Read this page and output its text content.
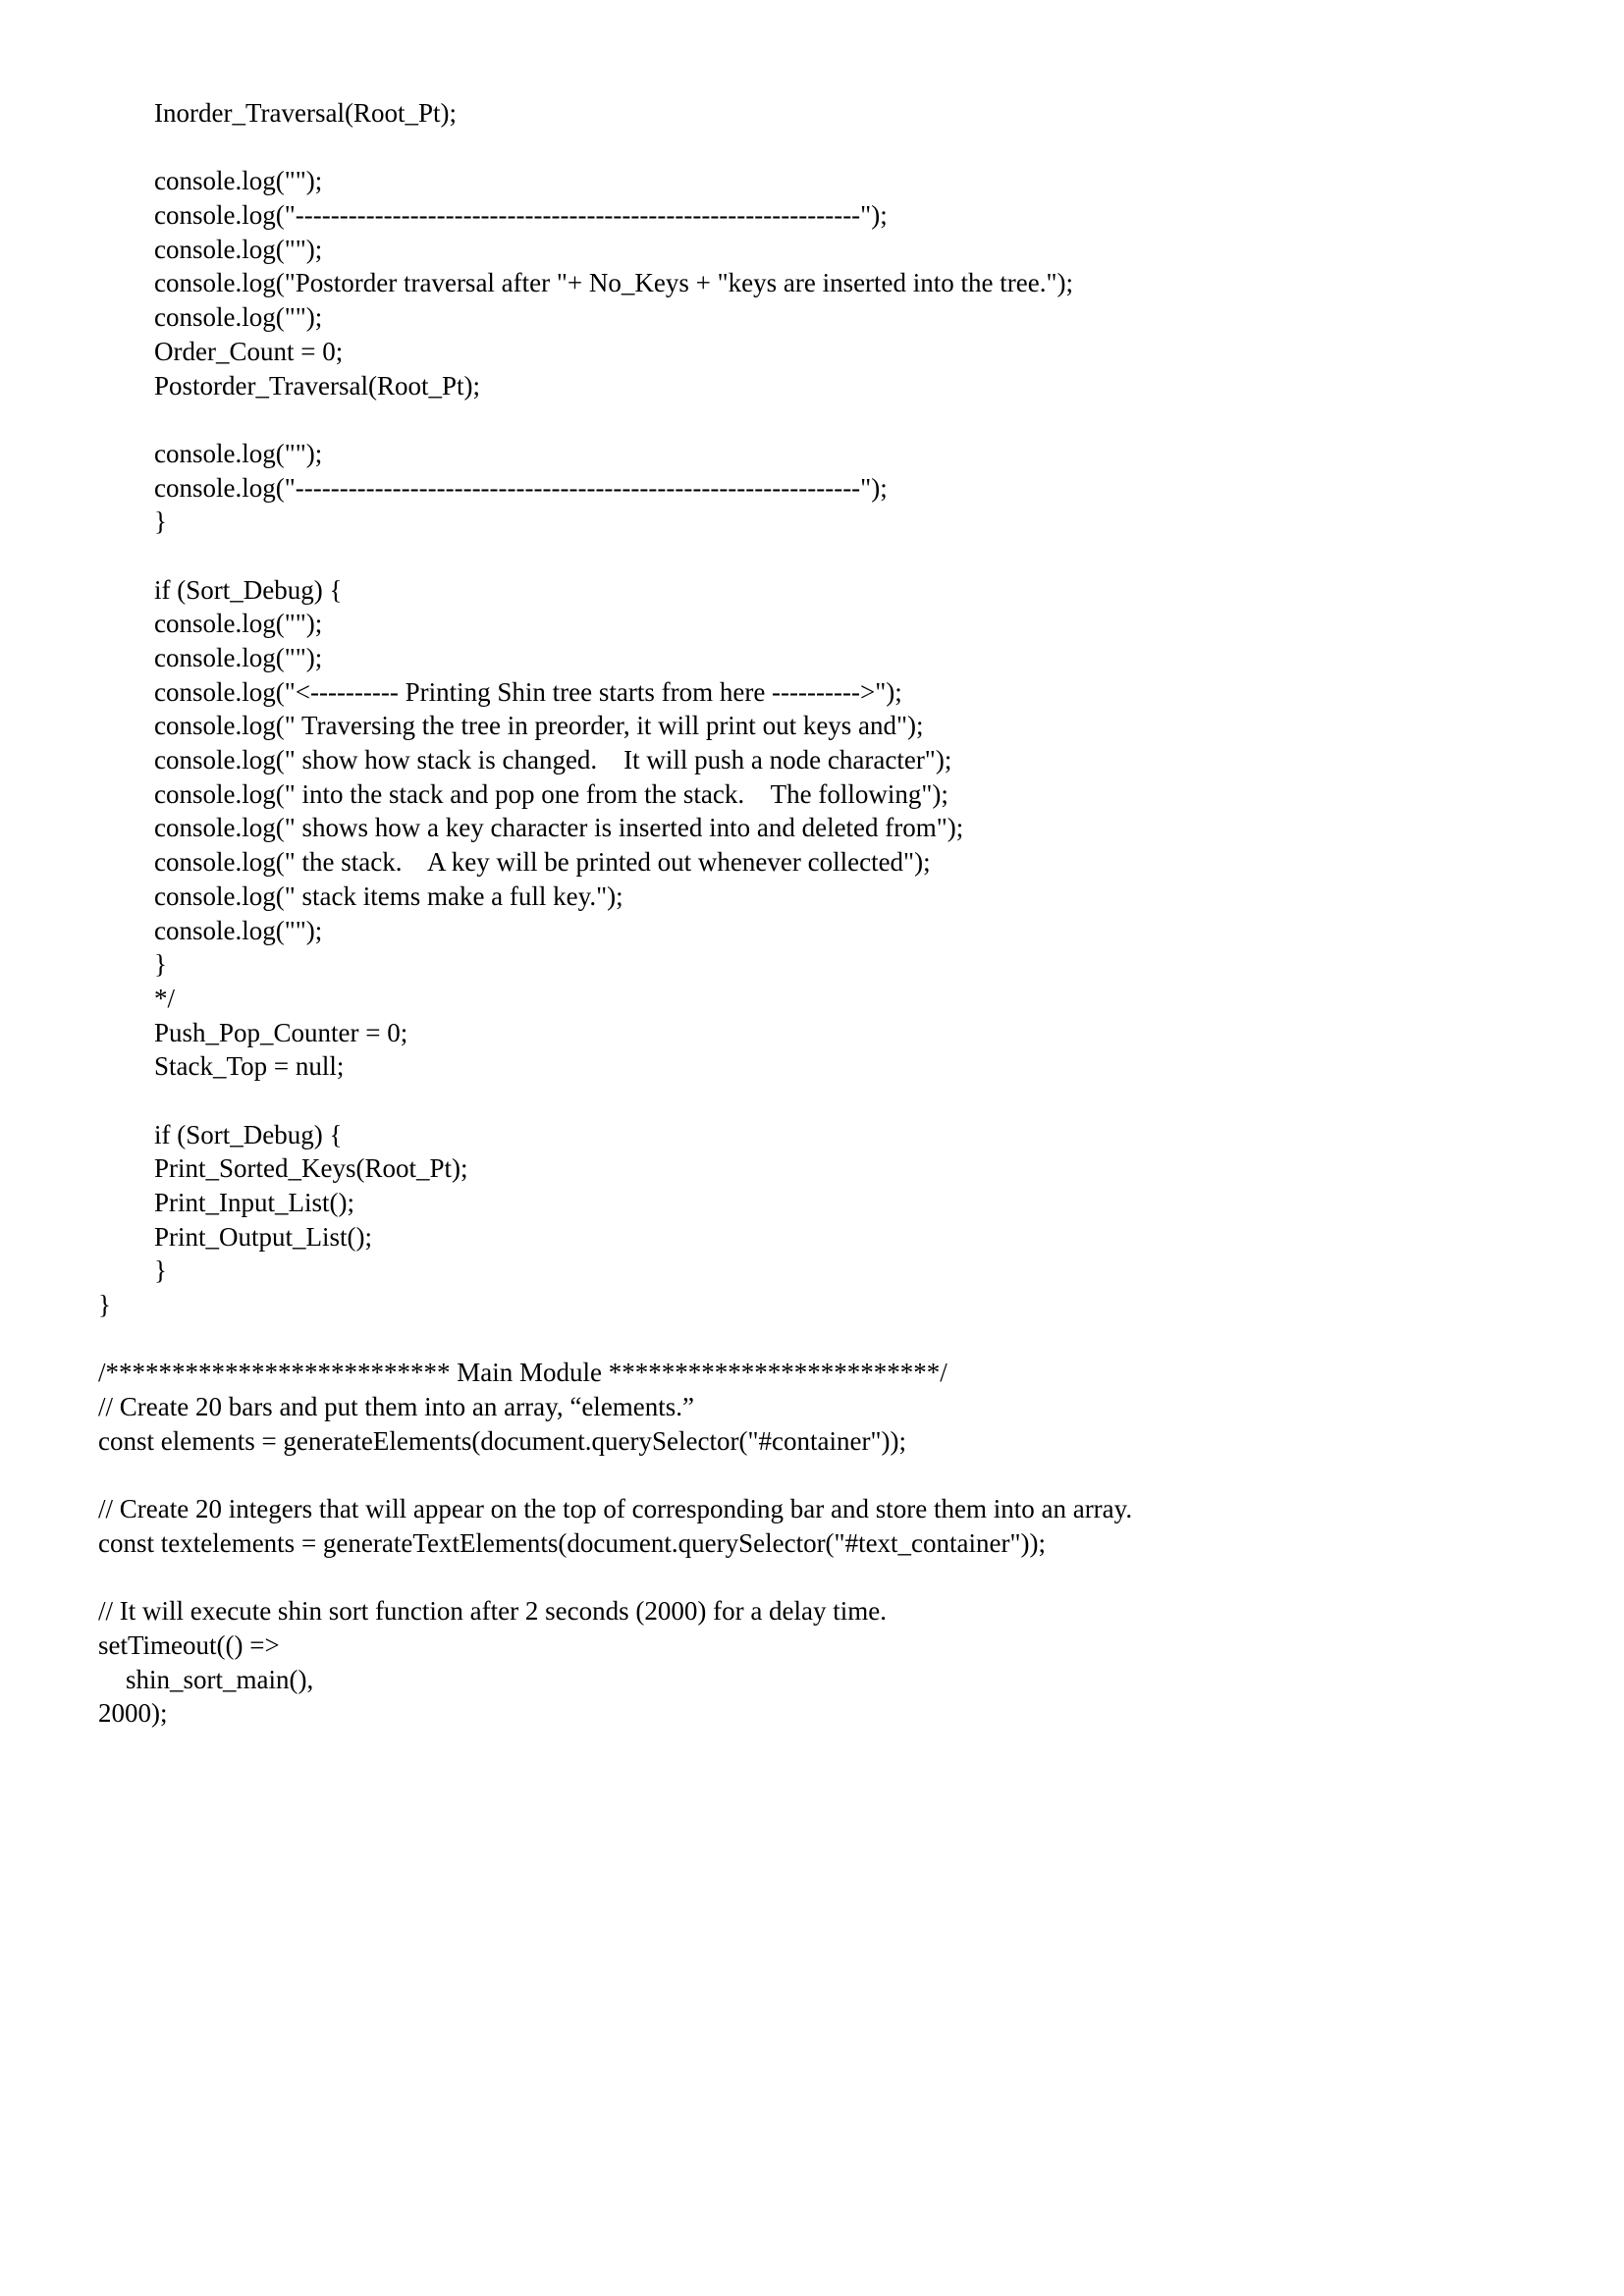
Inorder_Traversal(Root_Pt);
console.log("");
console.log("----------------------------------------------------------------");
console.log("");
console.log("Postorder traversal after "+ No_Keys + "keys are inserted into the tree.");
console.log("");
Order_Count = 0;
Postorder_Traversal(Root_Pt);
console.log("");
console.log("----------------------------------------------------------------");
}
if (Sort_Debug) {
console.log("");
console.log("");
console.log("<---------- Printing Shin tree starts from here ---------->");
console.log(" Traversing the tree in preorder, it will print out keys and");
console.log(" show how stack is changed.    It will push a node character");
console.log(" into the stack and pop one from the stack.    The following");
console.log(" shows how a key character is inserted into and deleted from");
console.log(" the stack.    A key will be printed out whenever collected");
console.log(" stack items make a full key.");
console.log("");
}
*/
Push_Pop_Counter = 0;
Stack_Top = null;
if (Sort_Debug) {
Print_Sorted_Keys(Root_Pt);
Print_Input_List();
Print_Output_List();
}
}
/************************** Main Module *************************/
// Create 20 bars and put them into an array, “elements.”
const elements = generateElements(document.querySelector("#container"));
// Create 20 integers that will appear on the top of corresponding bar and store them into an array.
const textelements = generateTextElements(document.querySelector("#text_container"));
// It will execute shin sort function after 2 seconds (2000) for a delay time.
setTimeout(() =>
shin_sort_main(),
2000);
